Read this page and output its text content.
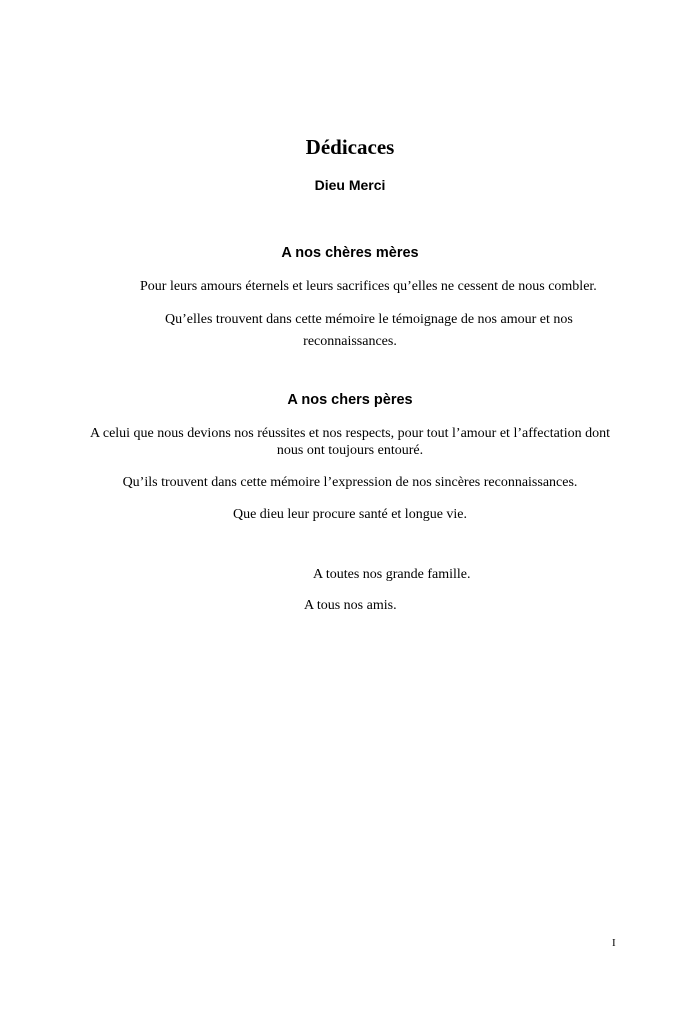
Dédicaces
Dieu Merci
A nos chères mères
Pour leurs amours éternels et leurs sacrifices qu’elles ne cessent de nous combler.
Qu’elles trouvent dans cette mémoire le témoignage de nos amour et nos
reconnaissances.
A nos chers pères
A celui que nous devions nos réussites et nos respects, pour tout l’amour et l’affectation dont
nous ont toujours entouré.
Qu’ils trouvent dans cette mémoire l’expression de nos sincères reconnaissances.
Que dieu leur procure santé et longue vie.
A toutes nos grande famille.
A tous nos amis.
I
